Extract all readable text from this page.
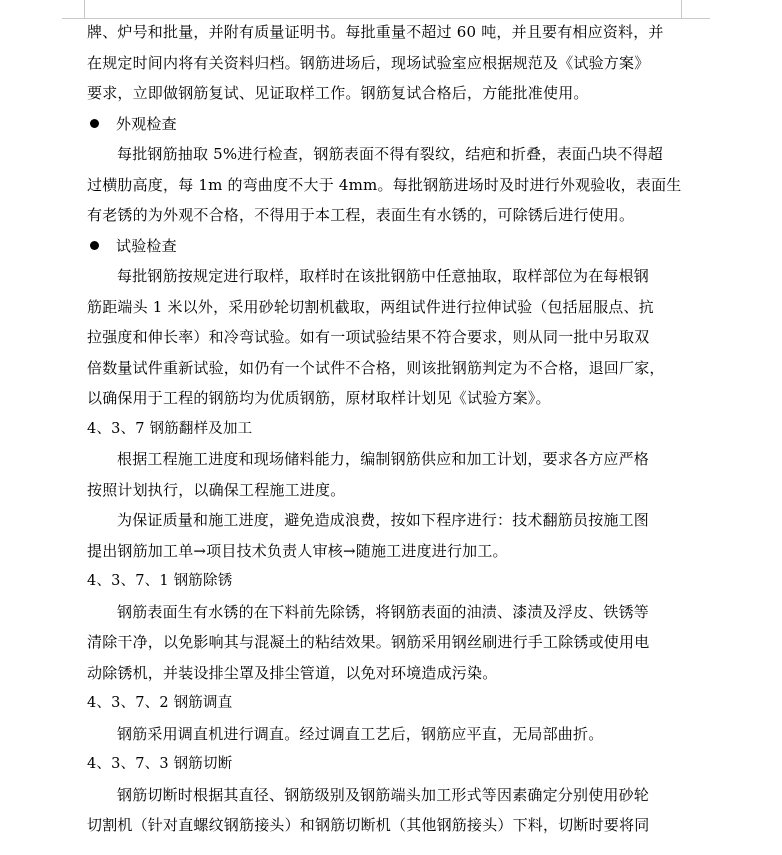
牌、炉号和批量，并附有质量证明书。每批重量不超过 60 吨，并且要有相应资料，并
在规定时间内将有关资料归档。钢筋进场后，现场试验室应根据规范及《试验方案》
要求，立即做钢筋复试、见证取样工作。钢筋复试合格后，方能批准使用。
外观检查
每批钢筋抽取 5%进行检查，钢筋表面不得有裂纹，结疤和折叠，表面凸块不得超
过横肋高度，每 1m 的弯曲度不大于 4mm。每批钢筋进场时及时进行外观验收，表面生
有老锈的为外观不合格，不得用于本工程，表面生有水锈的，可除锈后进行使用。
试验检查
每批钢筋按规定进行取样，取样时在该批钢筋中任意抽取，取样部位为在每根钢
筋距端头 1 米以外，采用砂轮切割机截取，两组试件进行拉伸试验（包括屈服点、抗
拉强度和伸长率）和冷弯试验。如有一项试验结果不符合要求，则从同一批中另取双
倍数量试件重新试验，如仍有一个试件不合格，则该批钢筋判定为不合格，退回厂家，
以确保用于工程的钢筋均为优质钢筋，原材取样计划见《试验方案》。
4、3、7 钢筋翻样及加工
根据工程施工进度和现场储料能力，编制钢筋供应和加工计划，要求各方应严格
按照计划执行，以确保工程施工进度。
为保证质量和施工进度，避免造成浪费，按如下程序进行：技术翻筋员按施工图
提出钢筋加工单→项目技术负责人审核→随施工进度进行加工。
4、3、7、1 钢筋除锈
钢筋表面生有水锈的在下料前先除锈，将钢筋表面的油渍、漆渍及浮皮、铁锈等
清除干净，以免影响其与混凝土的粘结效果。钢筋采用钢丝刷进行手工除锈或使用电
动除锈机，并装设排尘罩及排尘管道，以免对环境造成污染。
4、3、7、2 钢筋调直
钢筋采用调直机进行调直。经过调直工艺后，钢筋应平直，无局部曲折。
4、3、7、3 钢筋切断
钢筋切断时根据其直径、钢筋级别及钢筋端头加工形式等因素确定分别使用砂轮
切割机（针对直螺纹钢筋接头）和钢筋切断机（其他钢筋接头）下料，切断时要将同
